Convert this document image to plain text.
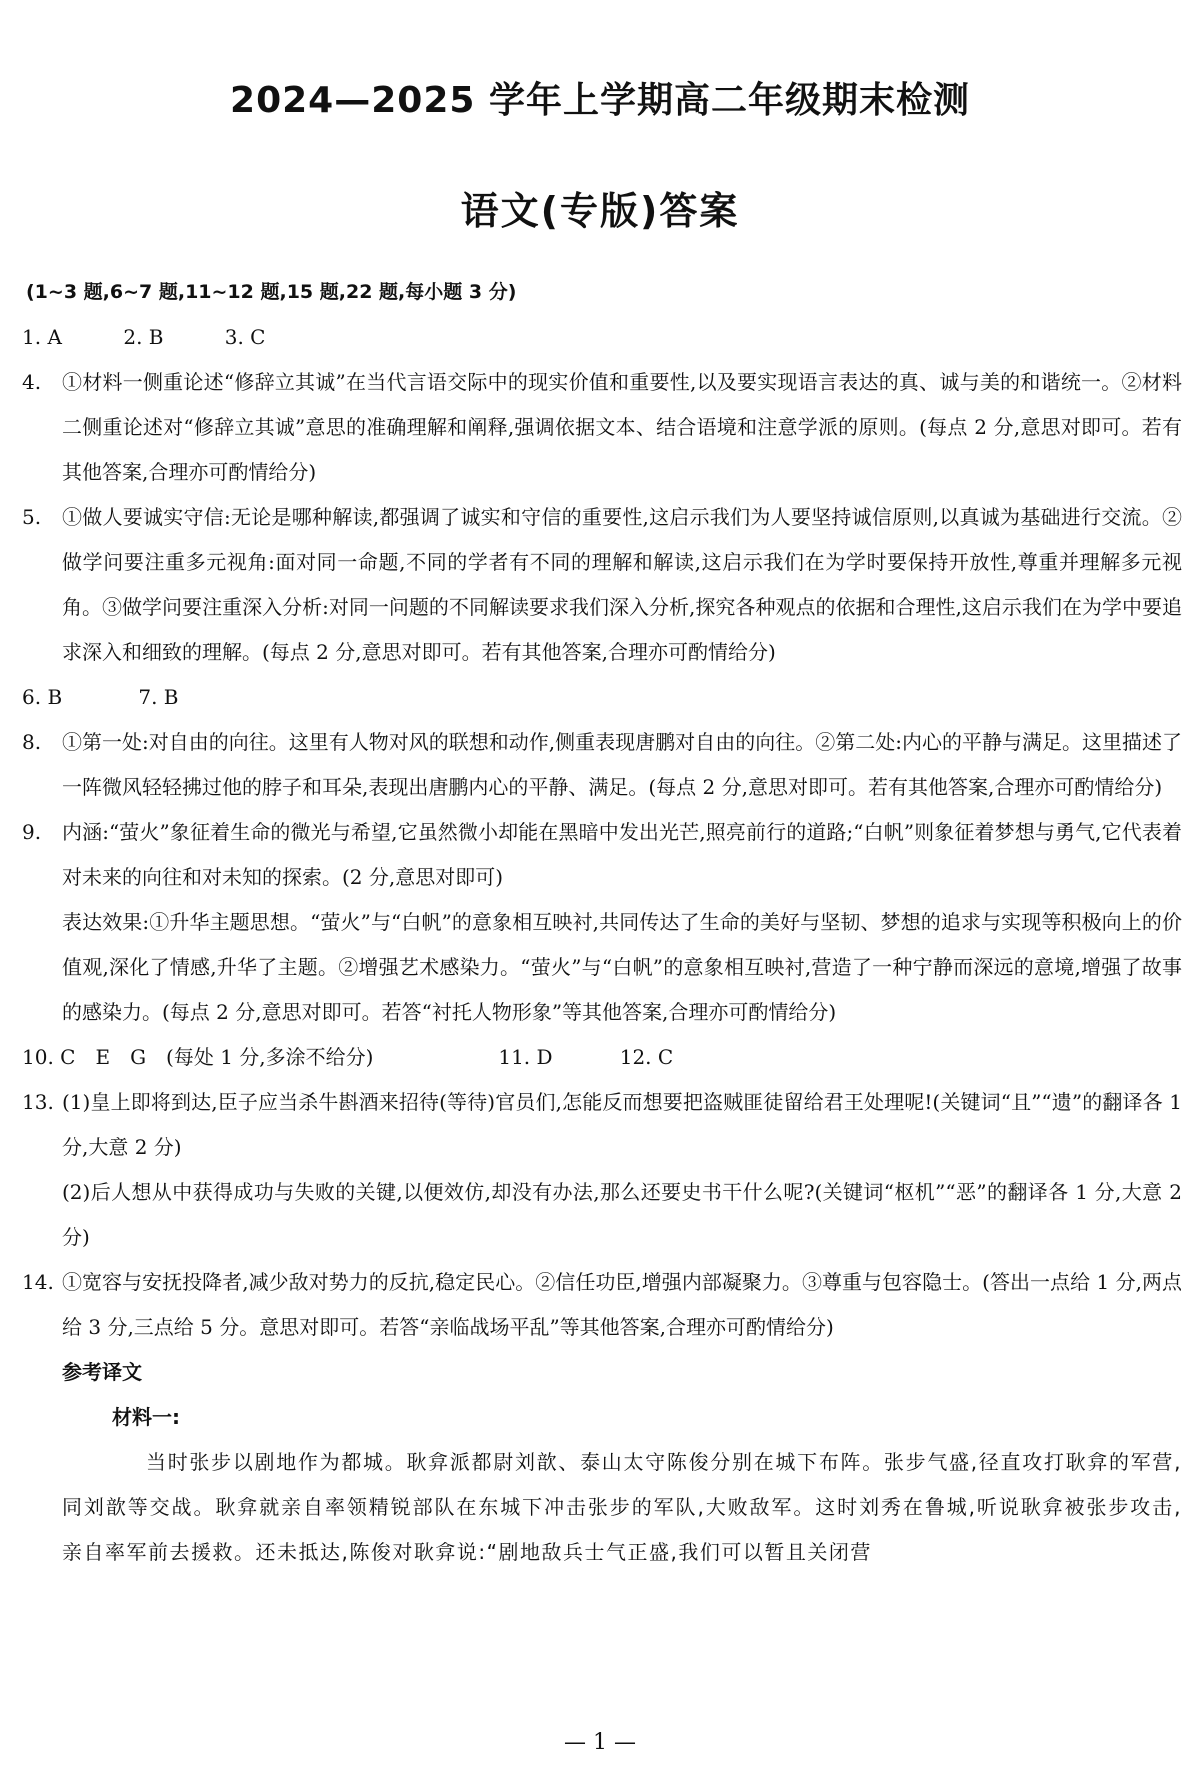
2024—2025 学年上学期高二年级期末检测
语文(专版)答案
(1~3 题,6~7 题,11~12 题,15 题,22 题,每小题 3 分)
1. A	2. B	3. C
4. ①材料一侧重论述“修辞立其诚”在当代言语交际中的现实价值和重要性,以及要实现语言表达的真、诚与美的和谐统一。②材料二侧重论述对“修辞立其诚”意思的准确理解和阐释,强调依据文本、结合语境和注意学派的原则。(每点 2 分,意思对即可。若有其他答案,合理亦可酌情给分)
5. ①做人要诚实守信:无论是哪种解读,都强调了诚实和守信的重要性,这启示我们为人要坚持诚信原则,以真诚为基础进行交流。②做学问要注重多元视角:面对同一命题,不同的学者有不同的理解和解读,这启示我们在为学时要保持开放性,尊重并理解多元视角。③做学问要注重深入分析:对同一问题的不同解读要求我们深入分析,探究各种观点的依据和合理性,这启示我们在为学中要追求深入和细致的理解。(每点 2 分,意思对即可。若有其他答案,合理亦可酌情给分)
6. B	7. B
8. ①第一处:对自由的向往。这里有人物对风的联想和动作,侧重表现唐鹏对自由的向往。②第二处:内心的平静与满足。这里描述了一阵微风轻轻拂过他的脖子和耳朵,表现出唐鹏内心的平静、满足。(每点 2 分,意思对即可。若有其他答案,合理亦可酌情给分)
9. 内涵:“萤火”象征着生命的微光与希望,它虽然微小却能在黑暗中发出光芒,照亮前行的道路;“白帆”则象征着梦想与勇气,它代表着对未来的向往和对未知的探索。(2 分,意思对即可)
表达效果:①升华主题思想。“萤火”与“白帆”的意象相互映衬,共同传达了生命的美好与坚韧、梦想的追求与实现等积极向上的价值观,深化了情感,升华了主题。②增强艺术感染力。“萤火”与“白帆”的意象相互映衬,营造了一种宁静而深远的意境,增强了故事的感染力。(每点 2 分,意思对即可。若答“衬托人物形象”等其他答案,合理亦可酌情给分)
10. C　E　G　(每处 1 分,多涂不给分)	11. D	12. C
13. (1)皇上即将到达,臣子应当杀牛斟酒来招待(等待)官员们,怎能反而想要把盗贼匪徒留给君王处理呢!(关键词“且”“遗”的翻译各 1 分,大意 2 分)
(2)后人想从中获得成功与失败的关键,以便效仿,却没有办法,那么还要史书干什么呢?(关键词“枢机”“恶”的翻译各 1 分,大意 2 分)
14. ①宽容与安抚投降者,减少敌对势力的反抗,稳定民心。②信任功臣,增强内部凝聚力。③尊重与包容隐士。(答出一点给 1 分,两点给 3 分,三点给 5 分。意思对即可。若答“亲临战场平乱”等其他答案,合理亦可酌情给分)
参考译文
材料一:
当时张步以剧地作为都城。耿弇派都尉刘歆、泰山太守陈俊分别在城下布阵。张步气盛,径直攻打耿弇的军营,同刘歆等交战。耿弇就亲自率领精锐部队在东城下冲击张步的军队,大败敌军。这时刘秀在鲁城,听说耿弇被张步攻击,亲自率军前去援救。还未抵达,陈俊对耿弇说:“剧地敌兵士气正盛,我们可以暂且关闭营
— 1 —
